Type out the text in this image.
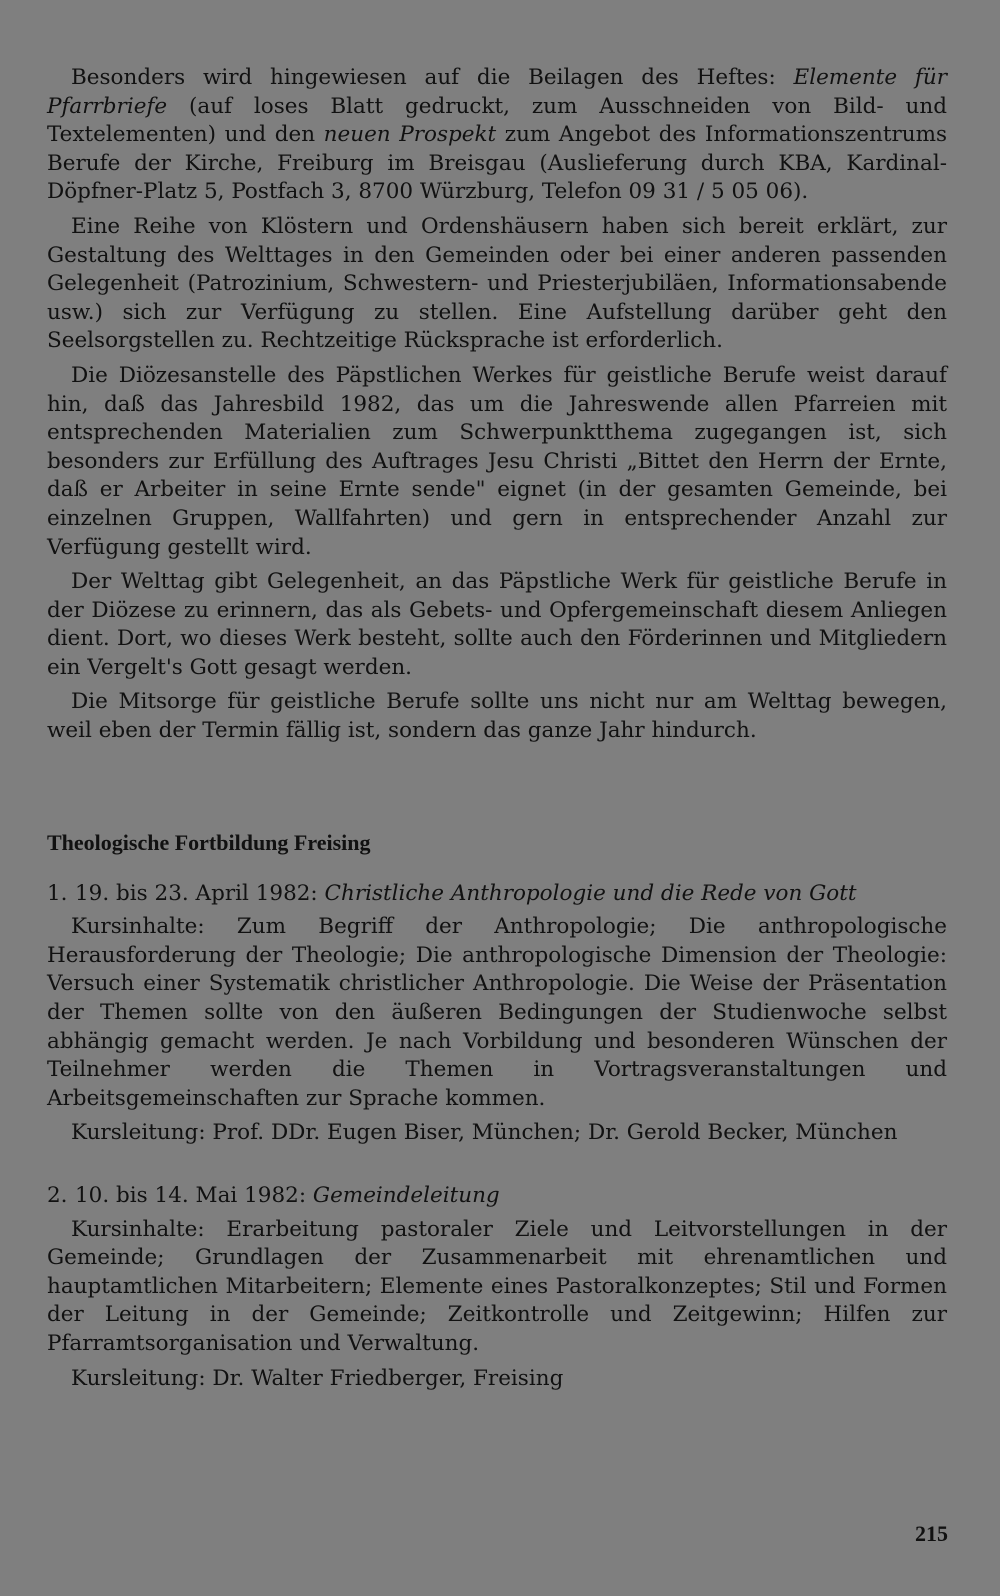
Besonders wird hingewiesen auf die Beilagen des Heftes: Elemente für Pfarrbriefe (auf loses Blatt gedruckt, zum Ausschneiden von Bild- und Textelementen) und den neuen Prospekt zum Angebot des Informationszentrums Berufe der Kirche, Freiburg im Breisgau (Auslieferung durch KBA, Kardinal-Döpfner-Platz 5, Postfach 3, 8700 Würzburg, Telefon 09 31 / 5 05 06).

Eine Reihe von Klöstern und Ordenshäusern haben sich bereit erklärt, zur Gestaltung des Welttages in den Gemeinden oder bei einer anderen passenden Gelegenheit (Patrozinium, Schwestern- und Priesterjubiläen, Informationsabende usw.) sich zur Verfügung zu stellen. Eine Aufstellung darüber geht den Seelsorgstellen zu. Rechtzeitige Rücksprache ist erforderlich.

Die Diözesanstelle des Päpstlichen Werkes für geistliche Berufe weist darauf hin, daß das Jahresbild 1982, das um die Jahreswende allen Pfarreien mit entsprechenden Materialien zum Schwerpunktthema zugegangen ist, sich besonders zur Erfüllung des Auftrages Jesu Christi „Bittet den Herrn der Ernte, daß er Arbeiter in seine Ernte sende" eignet (in der gesamten Gemeinde, bei einzelnen Gruppen, Wallfahrten) und gern in entsprechender Anzahl zur Verfügung gestellt wird.

Der Welttag gibt Gelegenheit, an das Päpstliche Werk für geistliche Berufe in der Diözese zu erinnern, das als Gebets- und Opfergemeinschaft diesem Anliegen dient. Dort, wo dieses Werk besteht, sollte auch den Förderinnen und Mitgliedern ein Vergelt's Gott gesagt werden.

Die Mitsorge für geistliche Berufe sollte uns nicht nur am Welttag bewegen, weil eben der Termin fällig ist, sondern das ganze Jahr hindurch.

Theologische Fortbildung Freising
1. 19. bis 23. April 1982: Christliche Anthropologie und die Rede von Gott

Kursinhalte: Zum Begriff der Anthropologie; Die anthropologische Herausforderung der Theologie; Die anthropologische Dimension der Theologie: Versuch einer Systematik christlicher Anthropologie. Die Weise der Präsentation der Themen sollte von den äußeren Bedingungen der Studienwoche selbst abhängig gemacht werden. Je nach Vorbildung und besonderen Wünschen der Teilnehmer werden die Themen in Vortragsveranstaltungen und Arbeitsgemeinschaften zur Sprache kommen.

Kursleitung: Prof. DDr. Eugen Biser, München; Dr. Gerold Becker, München

2. 10. bis 14. Mai 1982: Gemeindeleitung

Kursinhalte: Erarbeitung pastoraler Ziele und Leitvorstellungen in der Gemeinde; Grundlagen der Zusammenarbeit mit ehrenamtlichen und hauptamtlichen Mitarbeitern; Elemente eines Pastoralkonzeptes; Stil und Formen der Leitung in der Gemeinde; Zeitkontrolle und Zeitgewinn; Hilfen zur Pfarramtsorganisation und Verwaltung.

Kursleitung: Dr. Walter Friedberger, Freising

215
